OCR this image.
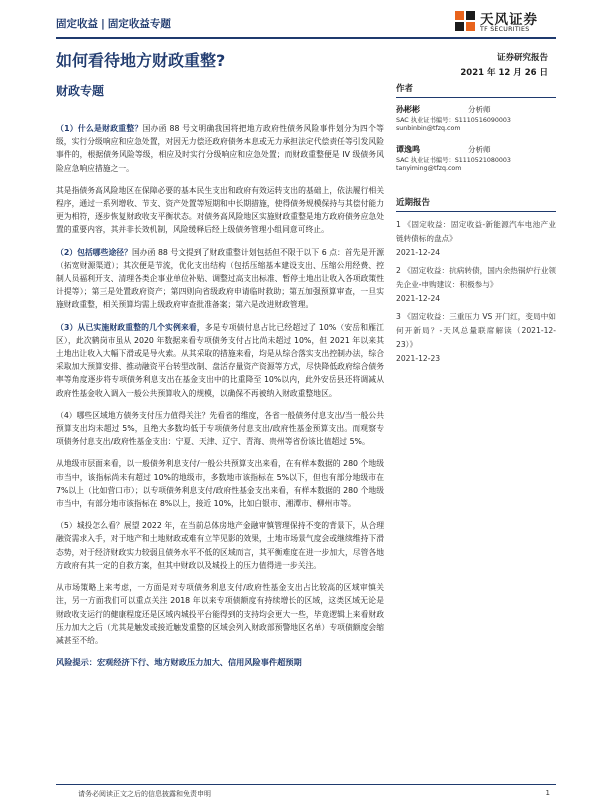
固定收益 | 固定收益专题	天风证券
TF SECURITIES
如何看待地方财政重整?
财政专题
证券研究报告
2021 年 12 月 26 日

（1）什么是财政重整？国办函 88 号文明确我国将把地方政府性债务风险事件划分为四个等级，实行分级响应和应急处置，对因无力偿还政府债务本息或无力承担法定代偿责任等引发风险事件的，根据债务风险等级，相应及时实行分级响应和应急处置；而财政重整便是 IV 级债务风险应急响应措施之一。

其是指债务高风险地区在保障必要的基本民生支出和政府有效运转支出的基础上，依法履行相关程序，通过一系列增收、节支、资产处置等短期和中长期措施，使得债务规模保持与其偿付能力更为相符，逐步恢复财政收支平衡状态。对债务高风险地区实施财政重整是地方政府债务应急处置的重要内容，其并非长效机制，风险缓释后经上级债务管理小组同意可终止。

（2）包括哪些途径？国办函 88 号文提到了财政重整计划包括但不限于以下 6 点：首先是开源（拓宽财源渠道）；其次便是节流，优化支出结构（包括压缩基本建设支出、压缩公用经费、控制人员福利开支、清理各类企事业单位补贴、调整过高支出标准、暂停土地出让收入各项政策性计提等）；第三是处置政府资产；第四则向省级政府申请临时救助；第五加强预算审查，一旦实施财政重整，相关预算均需上级政府审查批准备案；第六是改进财政管理。

（3）从已实施财政重整的几个实例来看，多是专项债付息占比已经超过了 10%（安岳和雁江区），此次鹤岗市虽从 2020 年数据来看专项债务支付占比尚未超过 10%，但 2021 年以来其土地出让收入大幅下滑或是导火索。从其采取的措施来看，均是从综合落实支出控制办法，综合采取加大预算安排、推动融资平台转型改制、盘活存量资产资源等方式，尽快降低政府综合债务率等角度逐步将专项债务利息支出在基金支出中的比重降至 10%以内，此外安岳县还将调减从政府性基金收入调入一般公共预算收入的规模，以确保不再被纳入财政重整地区。

（4）哪些区域地方债务支付压力值得关注？先看省的维度，各省一般债务付息支出/当一般公共预算支出均未超过 5%，且绝大多数均低于专项债务付息支出/政府性基金预算支出。而观察专项债务付息支出/政府性基金支出：宁夏、天津、辽宁、青海、贵州等省份该比值超过 5%。

从地级市层面来看，以一般债务利息支付/一般公共预算支出来看，在有样本数据的 280 个地级市当中，该指标尚未有超过 10%的地级市，多数地市该指标在 5%以下，但也有部分地级市在 7%以上（比如营口市）；以专项债务利息支付/政府性基金支出来看，有样本数据的 280 个地级市当中，有部分地市该指标在 8%以上，接近 10%，比如白银市、湘潭市、柳州市等。

（5）城投怎么看？展望 2022 年，在当前总体房地产金融审慎管理保持不变的背景下，从合理融资需求入手，对于地产和土地财政或难有立竿见影的效果，土地市场景气度会或继续维持下滑态势，对于经济财政实力较弱且债务水平不低的区域而言，其平衡难度在进一步加大，尽管各地方政府有其一定的自救方案，但其中财政以及城投上的压力值得进一步关注。

从市场策略上来考虑，一方面是对专项债务利息支付/政府性基金支出占比较高的区域审慎关注，另一方面我们可以重点关注 2018 年以来专项债额度有持续增长的区域，这类区域无论是财政收支运行的健康程度还是区域内城投平台能得到的支持均会更大一些，毕竟逻辑上来看财政压力加大之后（尤其是触发或接近触发重整的区域会列入财政部预警地区名单）专项债额度会缩减甚至不给。

风险提示：宏观经济下行、地方财政压力加大、信用风险事件超预期

作者
孙彬彬	分析师
SAC 执业证书编号：S1110516090003
sunbinbin@tfzq.com
谭逸鸣	分析师
SAC 执业证书编号：S1110521080003
tanyiming@tfzq.com
近期报告
1 《固定收益：固定收益-新能源汽车电池产业链转债标的盘点》
2021-12-24
2 《固定收益：抗病转债，国内余热锅炉行业领先企业-申购建议：积极参与》
2021-12-24
3 《固定收益：三重压力 VS 开门红，变局中如何开新局？-天风总量联席解读（2021-12-23）》
2021-12-23
请务必阅读正文之后的信息披露和免责申明	1
